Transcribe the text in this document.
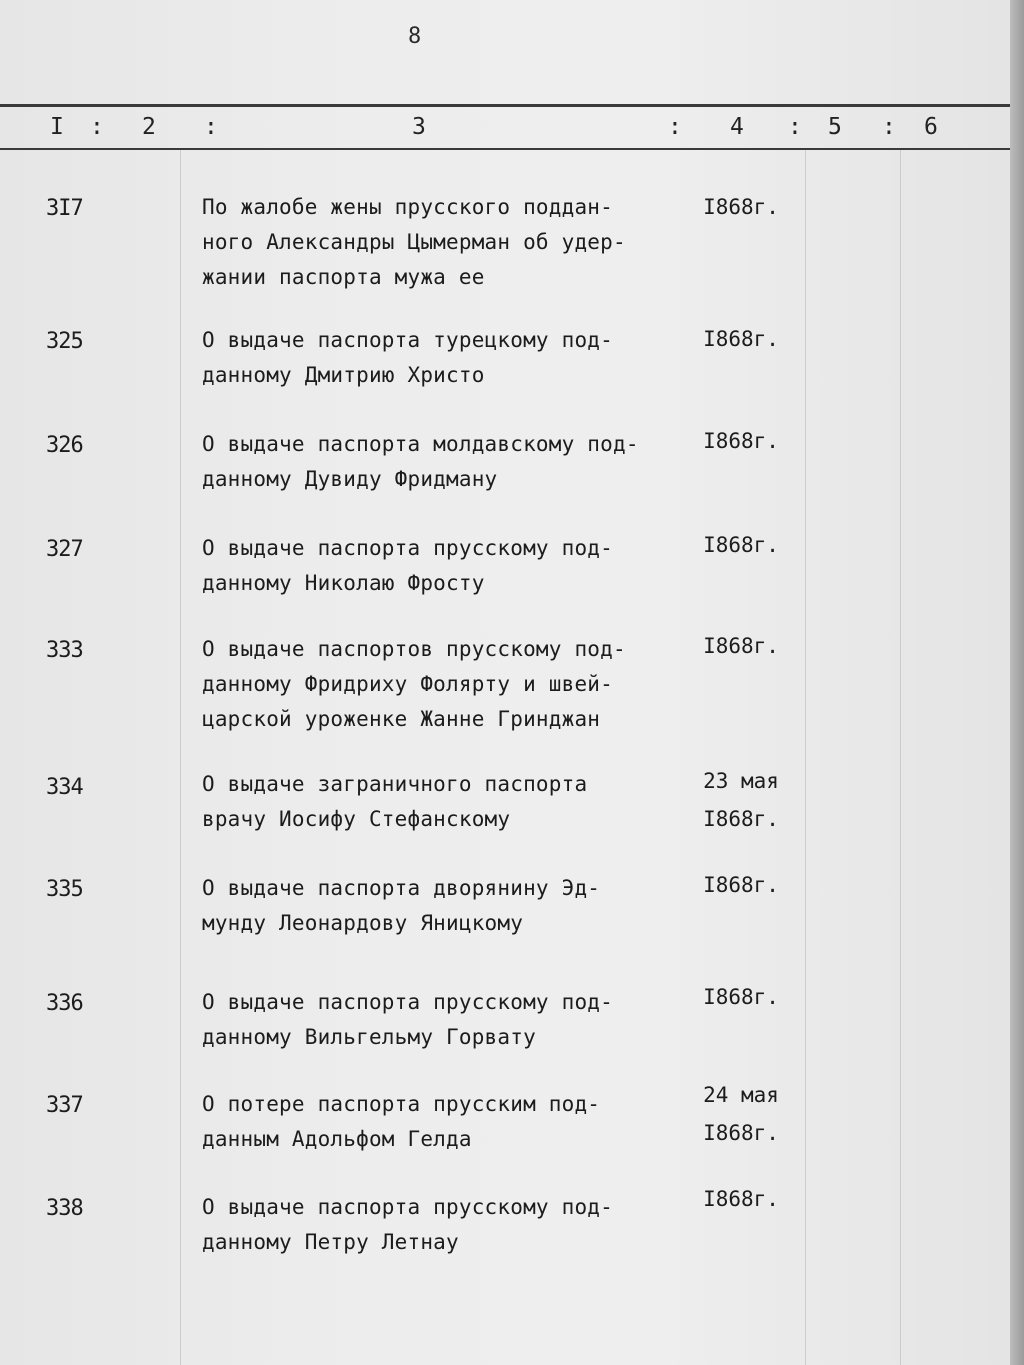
8
I : 2 :	3	: 4 : 5 : 6
3I7	По жалобе жены прусского поддан-
ного Александры Цымерман об удер-
жании паспорта мужа ее
I868г.
325	О выдаче паспорта турецкому под-
данному Дмитрию Христо
I868г.
326	О выдаче паспорта молдавскому под-
данному Дувиду Фридману
I868г.
327	О выдаче паспорта прусскому под-
данному Николаю Фросту
I868г.
333	О выдаче паспортов прусскому под-
данному Фридриху Фолярту и швей-
царской уроженке Жанне Гринджан
I868г.
334	О выдаче заграничного паспорта
врачу Иосифу Стефанскому
23 мая
I868г.
335	О выдаче паспорта дворянину Эд-
мунду Леонардову Яницкому
I868г.
336	О выдаче паспорта прусскому под-
данному Вильгельму Горвату
I868г.
337	О потере паспорта прусским под-
данным Адольфом Гелда
24 мая
I868г.
338	О выдаче паспорта прусскому под-
данному Петру Летнау
I868г.
